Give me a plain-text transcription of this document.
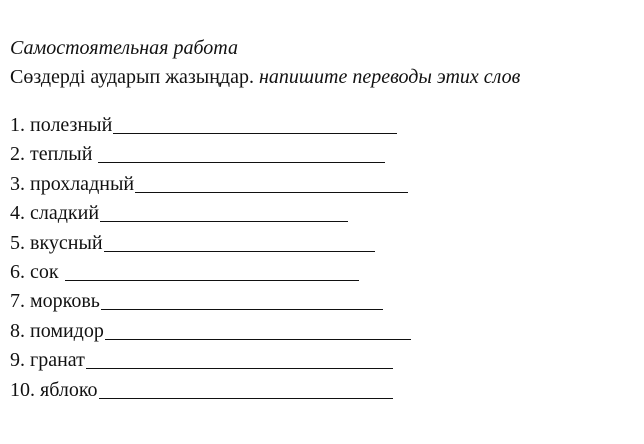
Самостоятельная работа
Сөздерді аударып жазыңдар. напишите переводы этих слов
1. полезный
2. теплый
3. прохладный
4. сладкий
5. вкусный
6. сок
7. морковь
8. помидор
9. гранат
10. яблоко
